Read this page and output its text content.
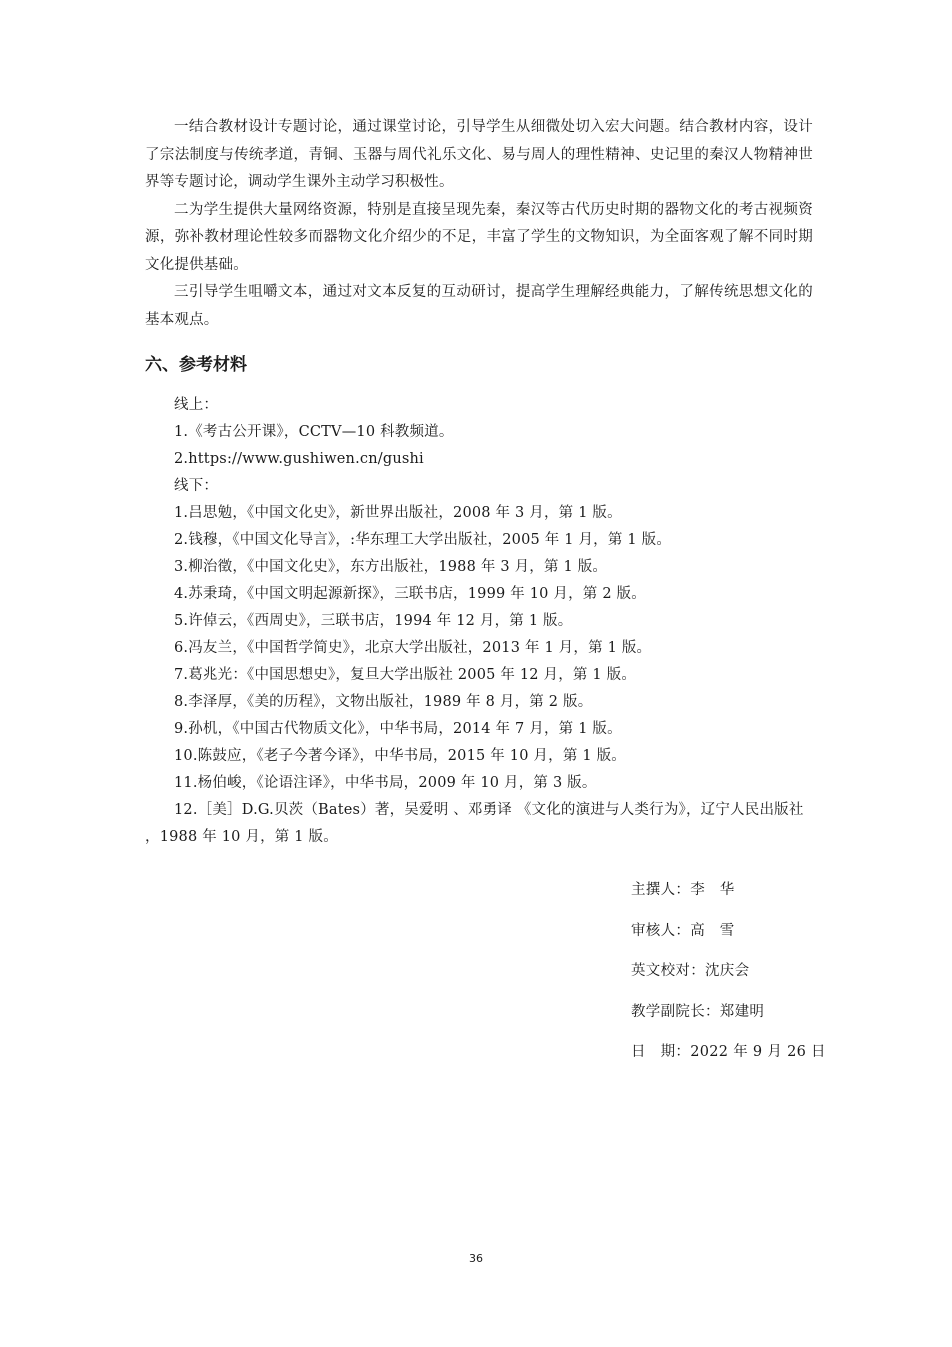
一结合教材设计专题讨论，通过课堂讨论，引导学生从细微处切入宏大问题。结合教材内容，设计了宗法制度与传统孝道，青铜、玉器与周代礼乐文化、易与周人的理性精神、史记里的秦汉人物精神世界等专题讨论，调动学生课外主动学习积极性。

二为学生提供大量网络资源，特别是直接呈现先秦，秦汉等古代历史时期的器物文化的考古视频资源，弥补教材理论性较多而器物文化介绍少的不足，丰富了学生的文物知识，为全面客观了解不同时期文化提供基础。

三引导学生咀嚼文本，通过对文本反复的互动研讨，提高学生理解经典能力，了解传统思想文化的基本观点。

六、参考材料

线上：

1.《考古公开课》，CCTV—10 科教频道。

2.https://www.gushiwen.cn/gushi

线下：

1.吕思勉，《中国文化史》，新世界出版社，2008 年 3 月，第 1 版。

2.钱穆，《中国文化导言》，:华东理工大学出版社，2005 年 1 月，第 1 版。

3.柳治徵，《中国文化史》，东方出版社，1988 年 3 月，第 1 版。

4.苏秉琦，《中国文明起源新探》，三联书店，1999 年 10 月，第 2 版。

5.许倬云，《西周史》，三联书店，1994 年 12 月，第 1 版。

6.冯友兰，《中国哲学简史》，北京大学出版社，2013 年 1 月，第 1 版。

7.葛兆光：《中国思想史》，复旦大学出版社 2005 年 12 月，第 1 版。

8.李泽厚，《美的历程》，文物出版社，1989 年 8 月，第 2 版。

9.孙机，《中国古代物质文化》，中华书局，2014 年 7 月，第 1 版。

10.陈鼓应，《老子今著今译》，中华书局，2015 年 10 月，第 1 版。

11.杨伯峻，《论语注译》，中华书局，2009 年 10 月，第 3 版。

12.［美］D.G.贝茨（Bates）著，吴爱明 、邓勇译 《文化的演进与人类行为》，辽宁人民出版社 ，1988 年 10 月，第 1 版。

主撰人：李　华

审核人：高　雪

英文校对：沈庆会

教学副院长：郑建明

日　期：2022 年 9 月 26 日

36
